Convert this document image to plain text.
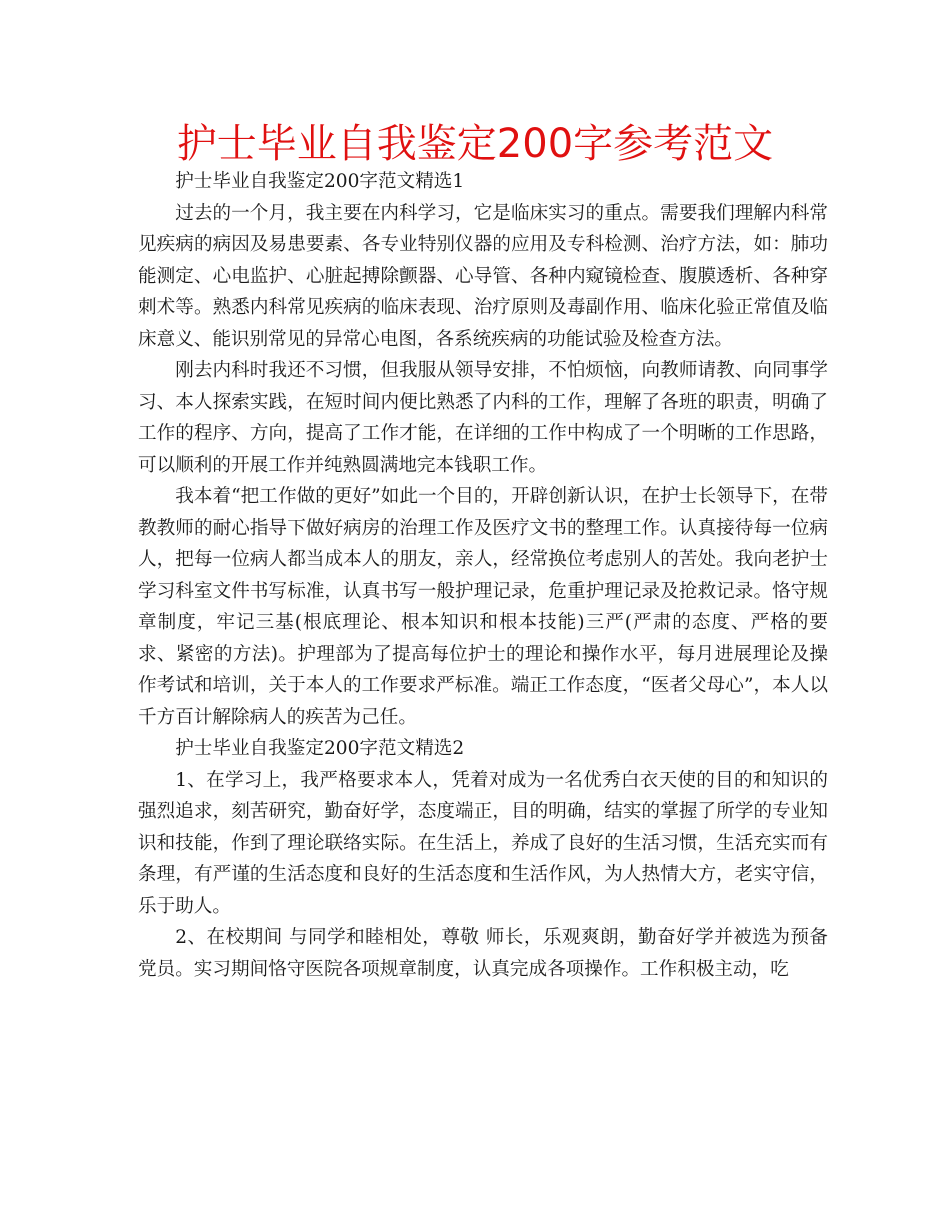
护士毕业自我鉴定200字参考范文

护士毕业自我鉴定200字范文精选1

过去的一个月，我主要在内科学习，它是临床实习的重点。需要我们理解内科常见疾病的病因及易患要素、各专业特别仪器的应用及专科检测、治疗方法，如：肺功能测定、心电监护、心脏起搏除颤器、心导管、各种内窥镜检查、腹膜透析、各种穿刺术等。熟悉内科常见疾病的临床表现、治疗原则及毒副作用、临床化验正常值及临床意义、能识别常见的异常心电图，各系统疾病的功能试验及检查方法。

刚去内科时我还不习惯，但我服从领导安排，不怕烦恼，向教师请教、向同事学习、本人探索实践，在短时间内便比熟悉了内科的工作，理解了各班的职责，明确了工作的程序、方向，提高了工作才能，在详细的工作中构成了一个明晰的工作思路，可以顺利的开展工作并纯熟圆满地完本钱职工作。

我本着“把工作做的更好”如此一个目的，开辟创新认识，在护士长领导下，在带教教师的耐心指导下做好病房的治理工作及医疗文书的整理工作。认真接待每一位病人，把每一位病人都当成本人的朋友，亲人，经常换位考虑别人的苦处。我向老护士学习科室文件书写标准，认真书写一般护理记录，危重护理记录及抢救记录。恪守规章制度，牢记三基(根底理论、根本知识和根本技能)三严(严肃的态度、严格的要求、紧密的方法)。护理部为了提高每位护士的理论和操作水平，每月进展理论及操作考试和培训，关于本人的工作要求严标准。端正工作态度，“医者父母心”，本人以千方百计解除病人的疾苦为己任。

护士毕业自我鉴定200字范文精选2

1、在学习上，我严格要求本人，凭着对成为一名优秀白衣天使的目的和知识的强烈追求，刻苦研究，勤奋好学，态度端正，目的明确，结实的掌握了所学的专业知识和技能，作到了理论联络实际。在生活上，养成了良好的生活习惯，生活充实而有条理，有严谨的生活态度和良好的生活态度和生活作风，为人热情大方，老实守信，乐于助人。

2、在校期间 与同学和睦相处，尊敬 师长，乐观爽朗，勤奋好学并被选为预备党员。实习期间恪守医院各项规章制度，认真完成各项操作。工作积极主动，吃
